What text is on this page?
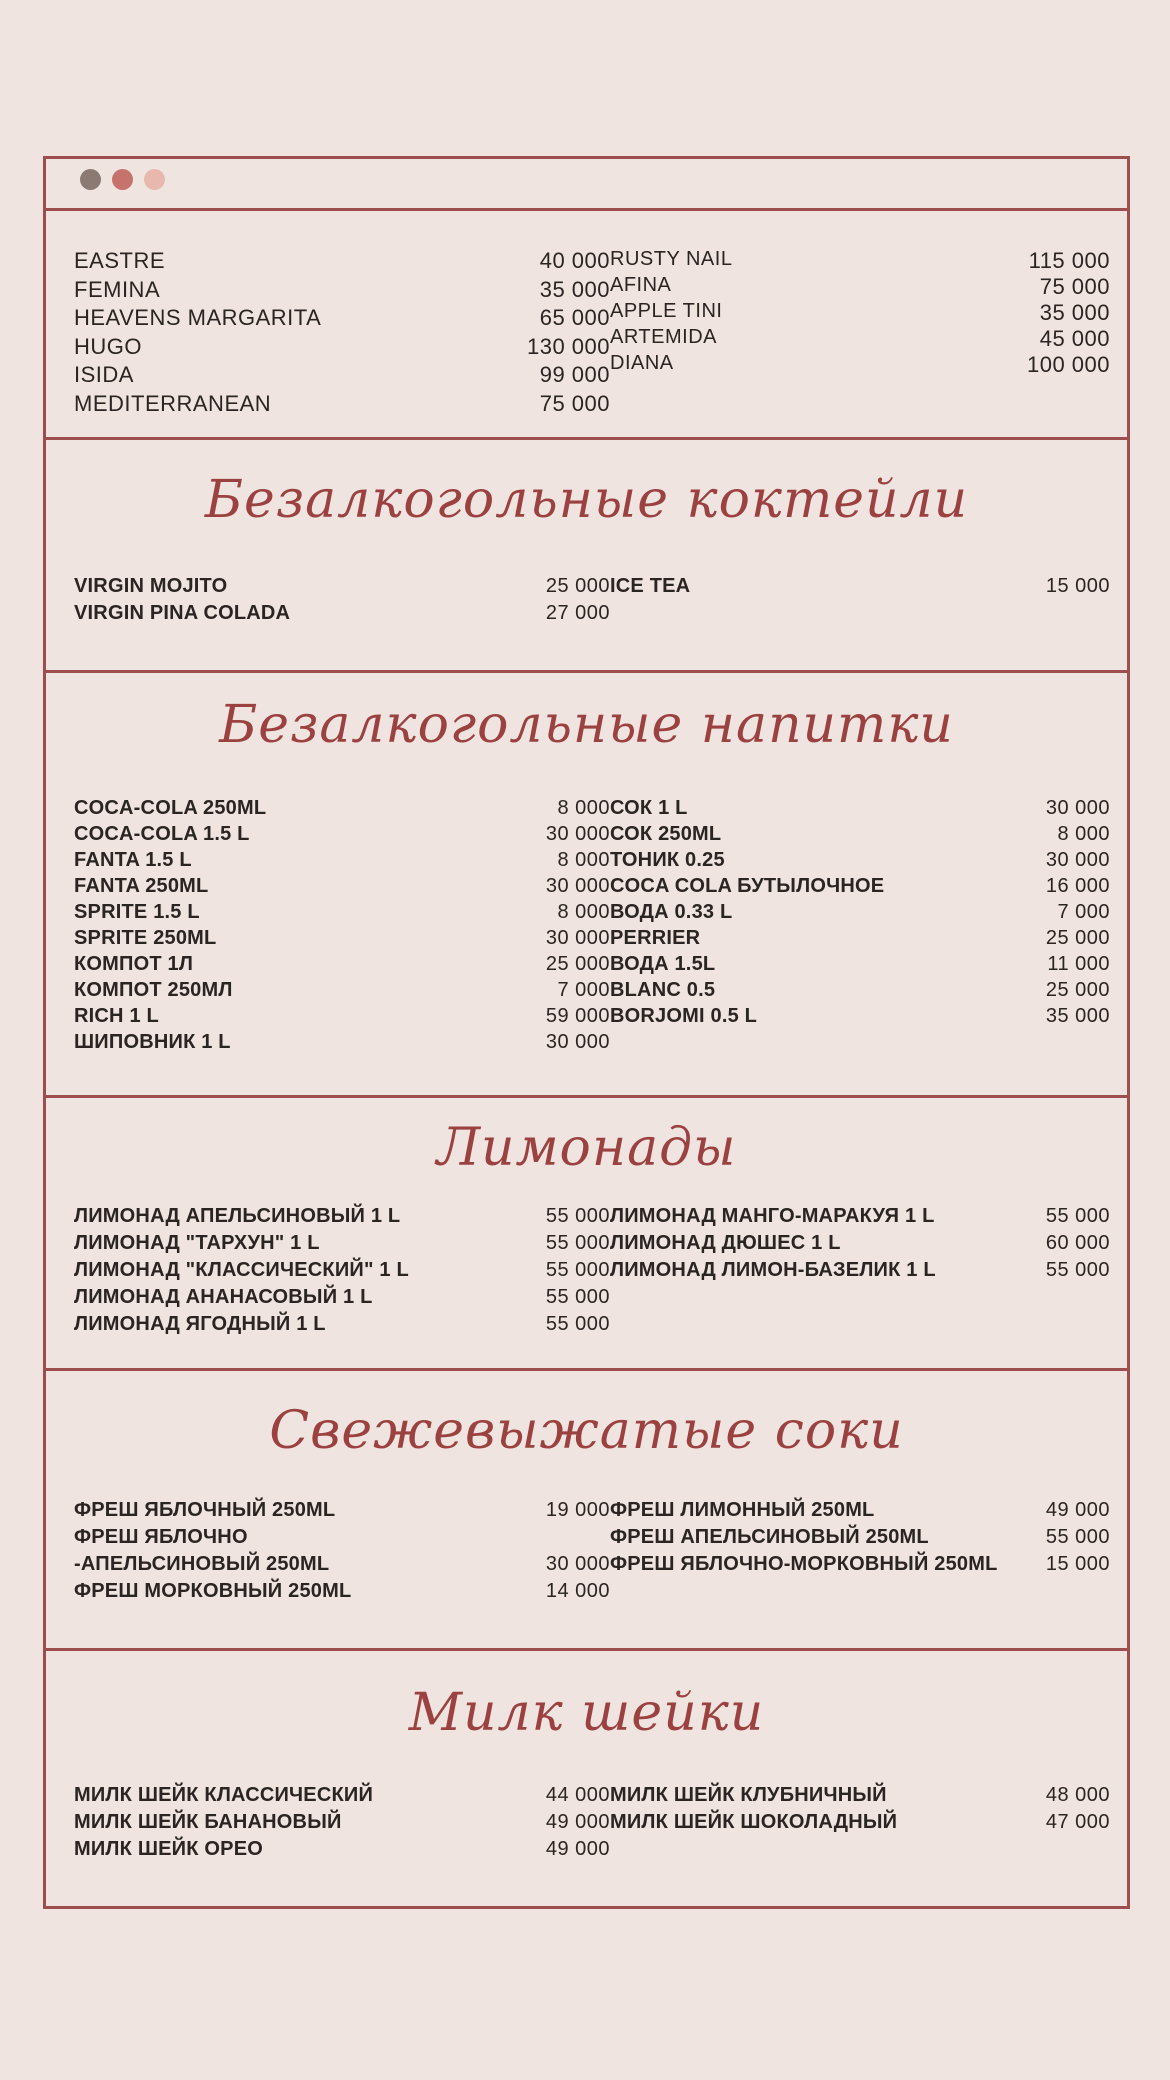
EASTRE	40 000
FEMINA	35 000
HEAVENS MARGARITA	65 000
HUGO	130 000
ISIDA	99 000
MEDITERRANEAN	75 000
RUSTY NAIL	115 000
AFINA	75 000
APPLE TINI	35 000
ARTEMIDA	45 000
DIANA	100 000
Безалкогольные коктейли
VIRGIN MOJITO	25 000
VIRGIN PINA COLADA	27 000
ICE TEA	15 000
Безалкогольные напитки
COCA-COLA 250ML	8 000
COCA-COLA 1.5 L	30 000
FANTA 1.5 L	8 000
FANTA 250ML	30 000
SPRITE 1.5 L	8 000
SPRITE 250ML	30 000
КОМПОТ 1Л	25 000
КОМПОТ 250МЛ	7 000
RICH 1 L	59 000
ШИПОВНИК 1 L	30 000
СОК 1 L	30 000
СОК 250ML	8 000
ТОНИК 0.25	30 000
COCA COLA БУТЫЛОЧНОЕ	16 000
ВОДА 0.33 L	7 000
PERRIER	25 000
ВОДА 1.5L	11 000
BLANC 0.5	25 000
BORJOMI 0.5 L	35 000
Лимонады
ЛИМОНАД АПЕЛЬСИНОВЫЙ 1 L	55 000
ЛИМОНАД "ТАРХУН" 1 L	55 000
ЛИМОНАД "КЛАССИЧЕСКИЙ" 1 L	55 000
ЛИМОНАД АНАНАСОВЫЙ 1 L	55 000
ЛИМОНАД ЯГОДНЫЙ 1 L	55 000
ЛИМОНАД МАНГО-МАРАКУЯ 1 L	55 000
ЛИМОНАД ДЮШЕС 1 L	60 000
ЛИМОНАД ЛИМОН-БАЗЕЛИК 1 L	55 000
Свежевыжатые соки
ФРЕШ ЯБЛОЧНЫЙ 250ML	19 000
ФРЕШ ЯБЛОЧНО
-АПЕЛЬСИНОВЫЙ 250ML	30 000
ФРЕШ МОРКОВНЫЙ 250ML	14 000
ФРЕШ ЛИМОННЫЙ 250ML	49 000
ФРЕШ АПЕЛЬСИНОВЫЙ 250ML	55 000
ФРЕШ ЯБЛОЧНО-МОРКОВНЫЙ 250ML 15 000
Милк шейки
МИЛК ШЕЙК КЛАССИЧЕСКИЙ	44 000
МИЛК ШЕЙК БАНАНОВЫЙ	49 000
МИЛК ШЕЙК ОРЕО	49 000
МИЛК ШЕЙК КЛУБНИЧНЫЙ	48 000
МИЛК ШЕЙК ШОКОЛАДНЫЙ	47 000
